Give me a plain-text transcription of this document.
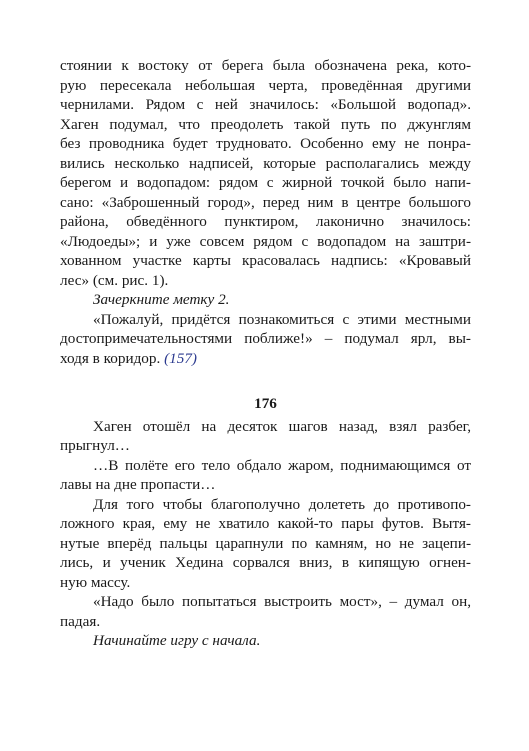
стоянии к востоку от берега была обозначена река, кото-
рую пересекала небольшая черта, проведённая другими
чернилами. Рядом с ней значилось: «Большой водопад».
Хаген подумал, что преодолеть такой путь по джунглям
без проводника будет трудновато. Особенно ему не понра-
вились несколько надписей, которые располагались между
берегом и водопадом: рядом с жирной точкой было напи-
сано: «Заброшенный город», перед ним в центре большого
района, обведённого пунктиром, лаконично значилось:
«Людоеды»; и уже совсем рядом с водопадом на заштри-
хованном участке карты красовалась надпись: «Кровавый
лес» (см. рис. 1).
Зачеркните метку 2.
«Пожалуй, придётся познакомиться с этими местными
достопримечательностями поближе!» – подумал ярл, вы-
ходя в коридор. (157)
176
Хаген отошёл на десяток шагов назад, взял разбег,
прыгнул…
…В полёте его тело обдало жаром, поднимающимся от
лавы на дне пропасти…
Для того чтобы благополучно долететь до противопо-
ложного края, ему не хватило какой-то пары футов. Вытя-
нутые вперёд пальцы царапнули по камням, но не зацепи-
лись, и ученик Хедина сорвался вниз, в кипящую огнен-
ную массу.
«Надо было попытаться выстроить мост», – думал он,
падая.
Начинайте игру с начала.
